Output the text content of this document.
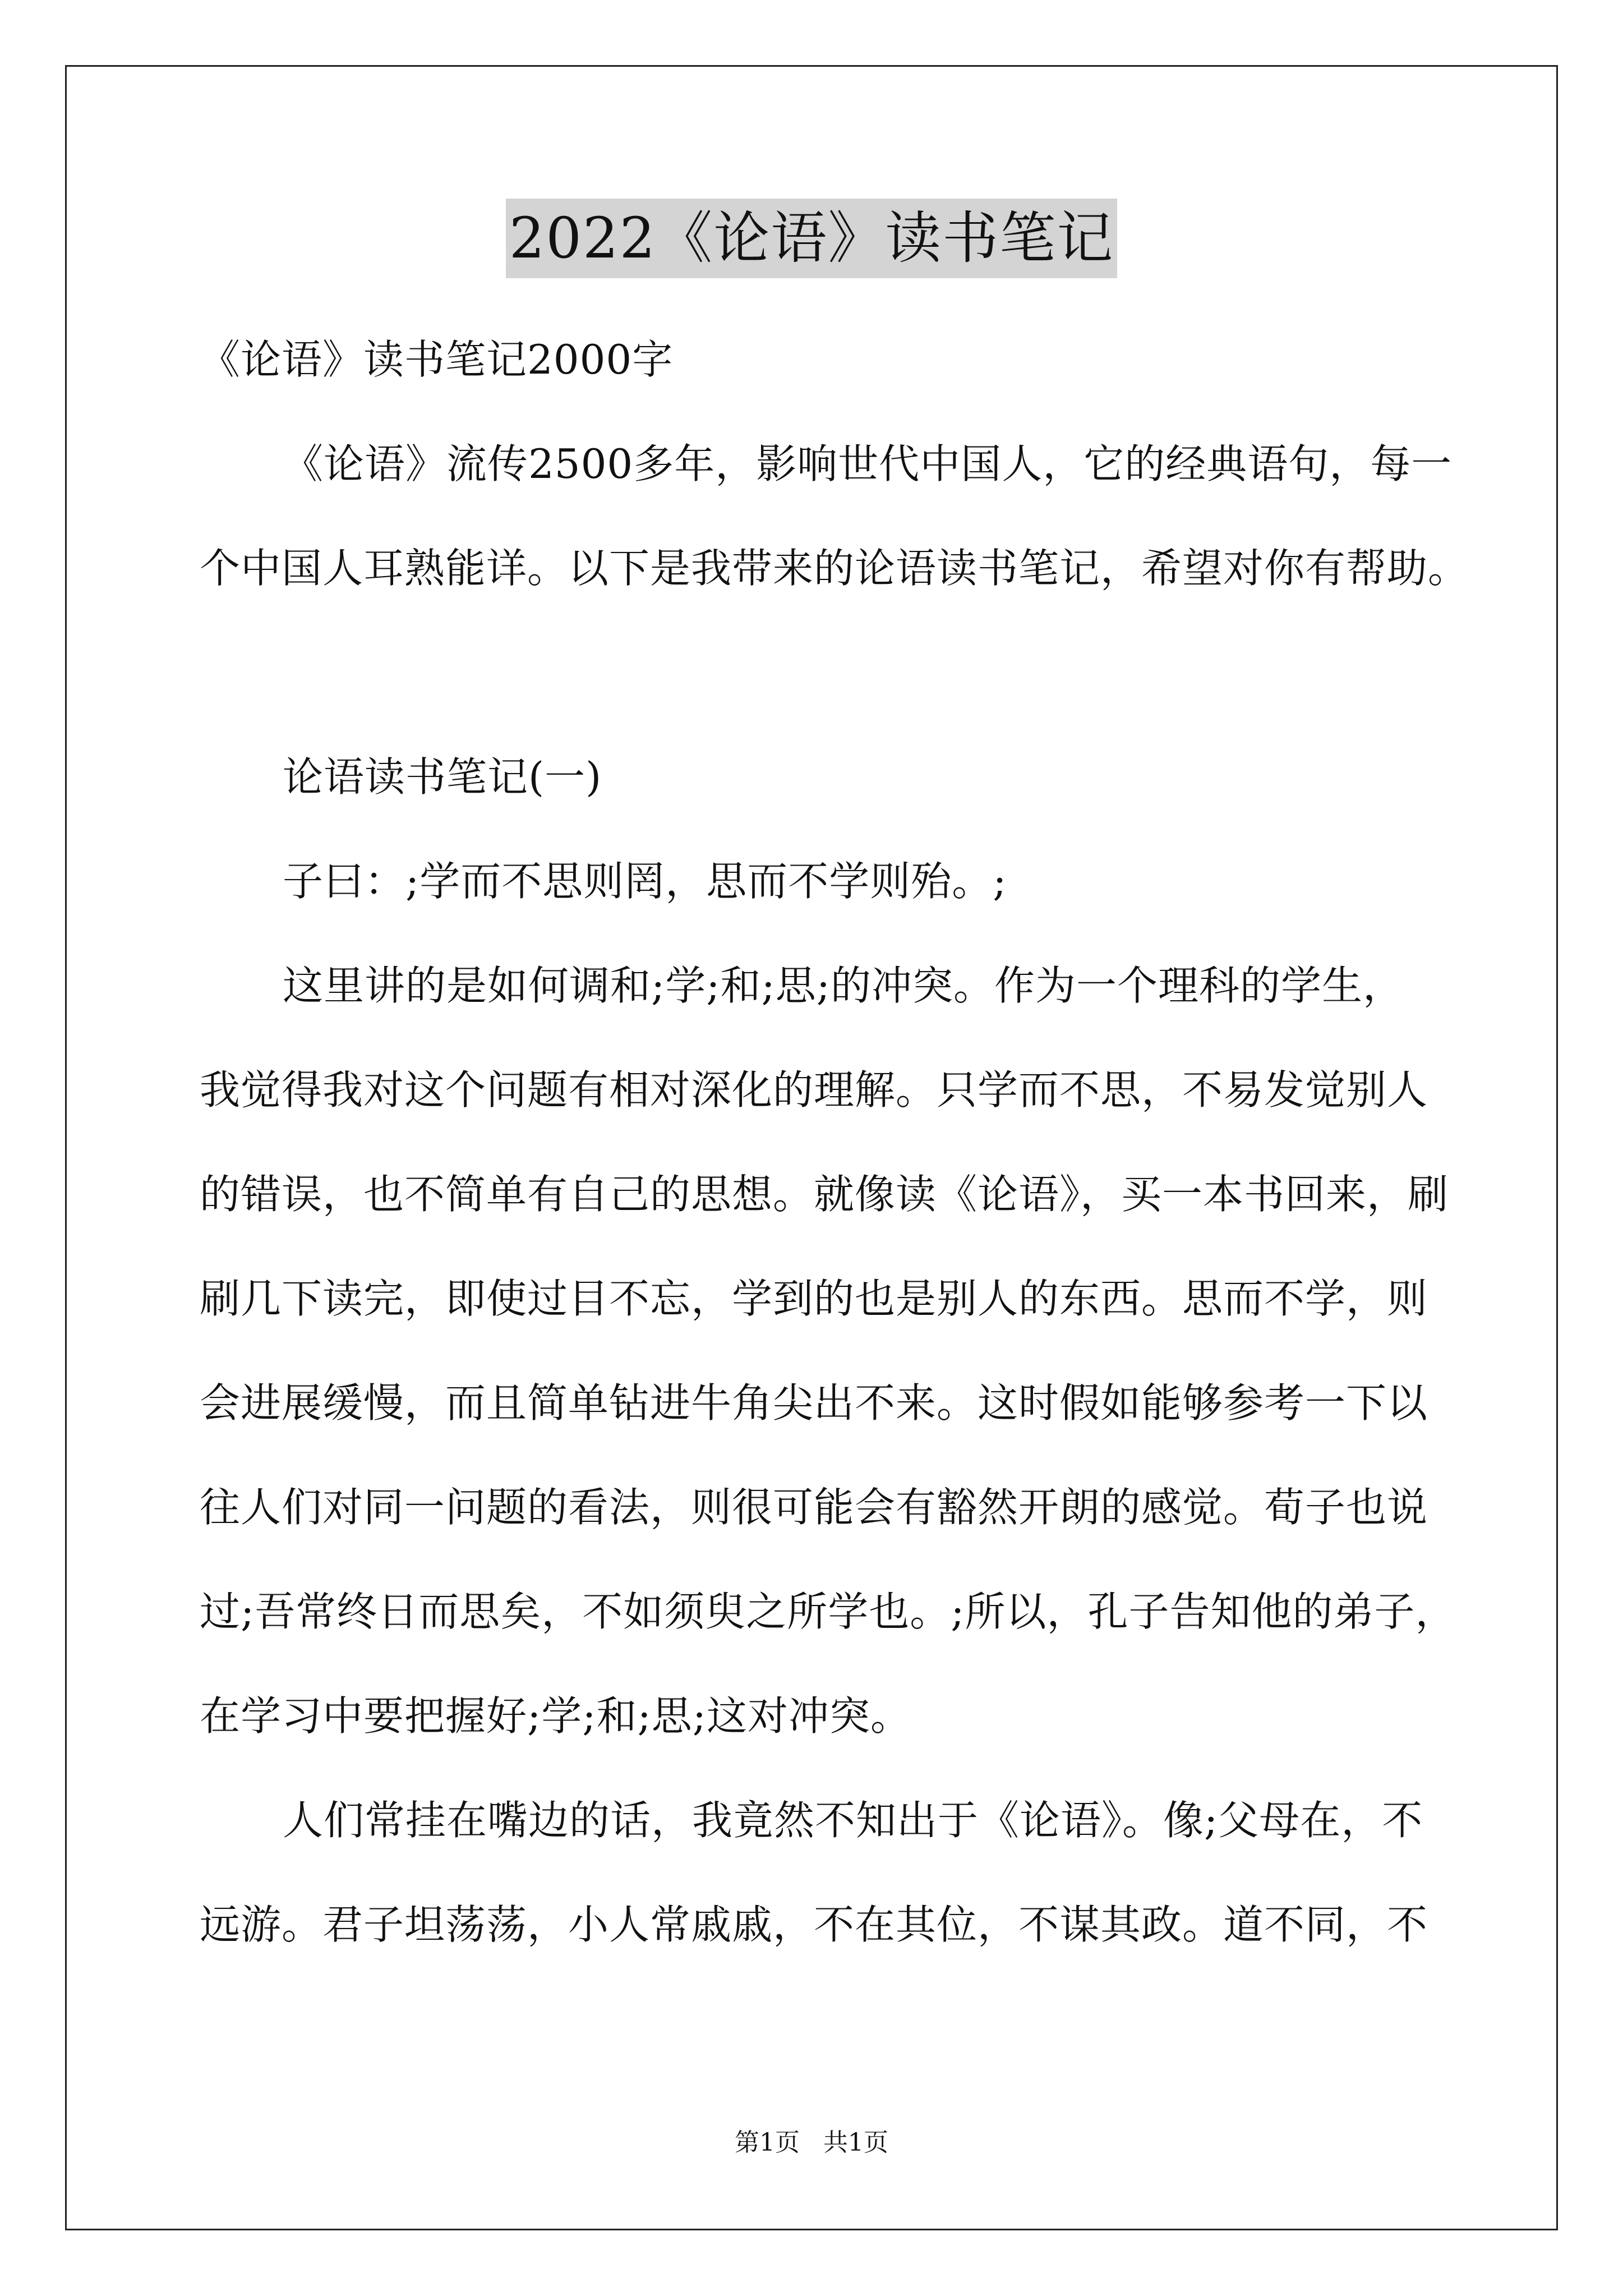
2022《论语》读书笔记
《论语》读书笔记2000字
《论语》流传2500多年，影响世代中国人，它的经典语句，每一
个中国人耳熟能详。以下是我带来的论语读书笔记，希望对你有帮助。
论语读书笔记(一)
子曰：;学而不思则罔，思而不学则殆。;
这里讲的是如何调和;学;和;思;的冲突。作为一个理科的学生，
我觉得我对这个问题有相对深化的理解。只学而不思，不易发觉别人
的错误，也不简单有自己的思想。就像读《论语》，买一本书回来，刷
刷几下读完，即使过目不忘，学到的也是别人的东西。思而不学，则
会进展缓慢，而且简单钻进牛角尖出不来。这时假如能够参考一下以
往人们对同一问题的看法，则很可能会有豁然开朗的感觉。荀子也说
过;吾常终日而思矣，不如须臾之所学也。;所以，孔子告知他的弟子，
在学习中要把握好;学;和;思;这对冲突。
人们常挂在嘴边的话，我竟然不知出于《论语》。像;父母在，不
远游。君子坦荡荡，小人常戚戚，不在其位，不谋其政。道不同，不
第1页 共1页
